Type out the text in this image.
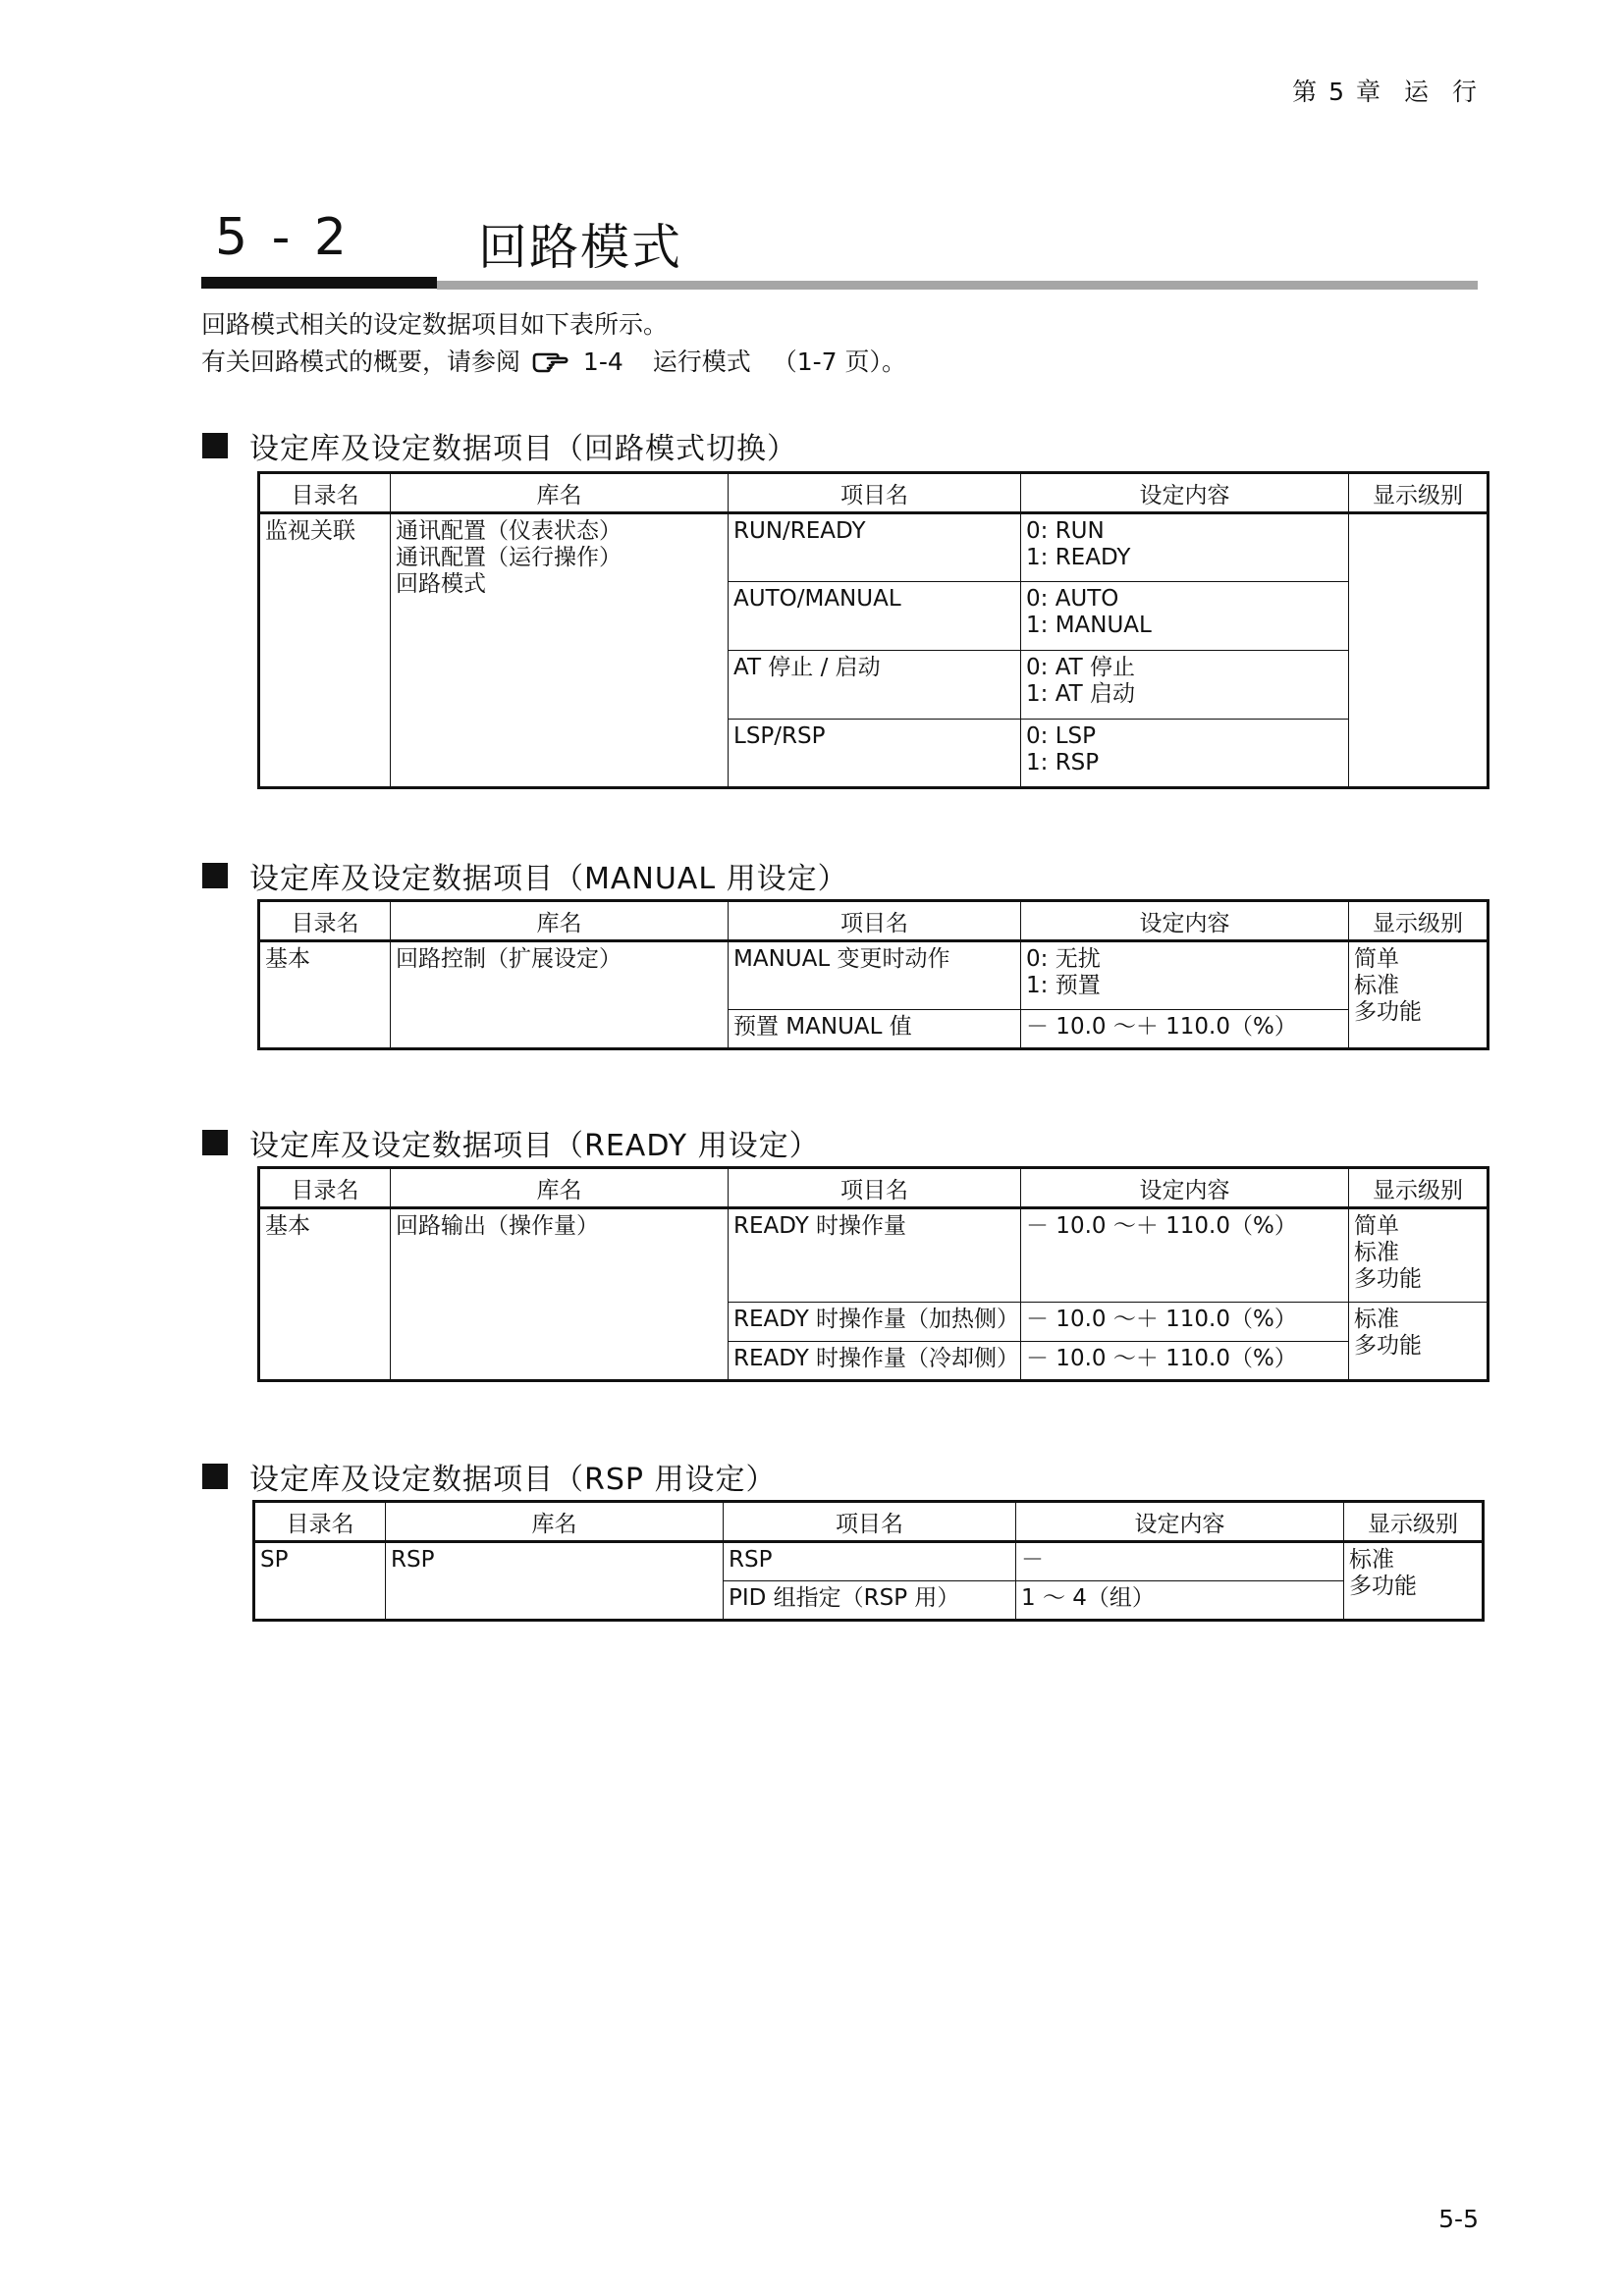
第 5 章 运 行
5 - 2	回路模式
回路模式相关的设定数据项目如下表所示。
有关回路模式的概要，请参阅	1-4 运行模式 （1-7 页）。
设定库及设定数据项目（回路模式切换）
目录名	库名	项目名	设定内容	显示级别
监视关联	通讯配置（仪表状态）
通讯配置（运行操作）
回路模式	RUN/READY	0: RUN
1: READY	

		AUTO/MANUAL	0: AUTO
1: MANUAL	

		AT 停止 / 启动	0: AT 停止
1: AT 启动	

		LSP/RSP	0: LSP
1: RSP	
设定库及设定数据项目（MANUAL 用设定）
目录名	库名	项目名	设定内容	显示级别
基本	回路控制（扩展设定）	MANUAL 变更时动作	0: 无扰
1: 预置	简单
标准
多功能

		预置 MANUAL 值	－ 10.0 ～＋ 110.0（%）	
设定库及设定数据项目（READY 用设定）
目录名	库名	项目名	设定内容	显示级别
基本	回路输出（操作量）	READY 时操作量	－ 10.0 ～＋ 110.0（%）	简单
标准
多功能

		READY 时操作量（加热侧）	－ 10.0 ～＋ 110.0（%）	标准
多功能

		READY 时操作量（冷却侧）	－ 10.0 ～＋ 110.0（%）	
设定库及设定数据项目（RSP 用设定）
目录名	库名	项目名	设定内容	显示级别
SP	RSP	RSP	－	标准
多功能

		PID 组指定（RSP 用）	1 ～ 4（组）	
5-5
